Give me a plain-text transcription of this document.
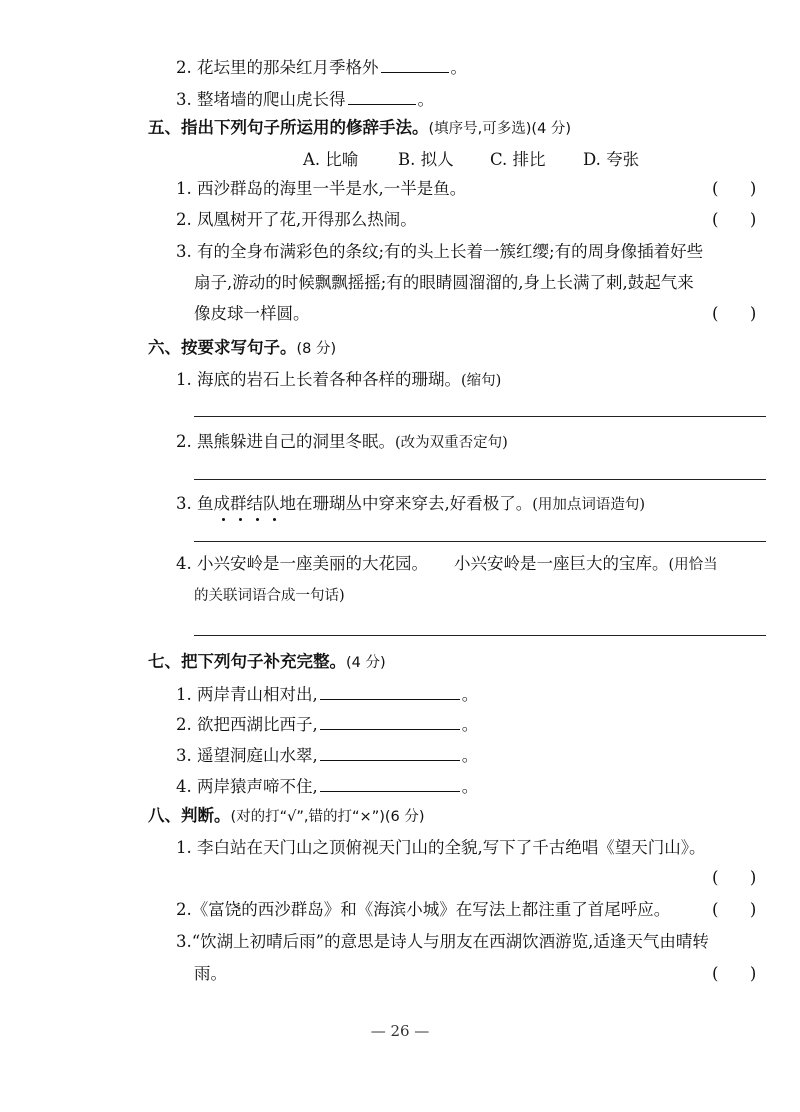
2. 花坛里的那朵红月季格外	。
3. 整堵墙的爬山虎长得	。
五、指出下列句子所运用的修辞手法。(填序号,可多选)(4 分)
A. 比喻 B. 拟人 C. 排比 D. 夸张
1. 西沙群岛的海里一半是水,一半是鱼。	(      )
2. 凤凰树开了花,开得那么热闹。	(      )
3. 有的全身布满彩色的条纹;有的头上长着一簇红缨;有的周身像插着好些
扇子,游动的时候飘飘摇摇;有的眼睛圆溜溜的,身上长满了刺,鼓起气来
像皮球一样圆。	(      )
六、按要求写句子。(8 分)
1. 海底的岩石上长着各种各样的珊瑚。(缩句)
2. 黑熊躲进自己的洞里冬眠。(改为双重否定句)
3. 鱼成群结队地在珊瑚丛中穿来穿去,好看极了。(用加点词语造句)
4. 小兴安岭是一座美丽的大花园。 小兴安岭是一座巨大的宝库。(用恰当
的关联词语合成一句话)
七、把下列句子补充完整。(4 分)
1. 两岸青山相对出,	。
2. 欲把西湖比西子,	。
3. 遥望洞庭山水翠,	。
4. 两岸猿声啼不住,	。
八、判断。(对的打“√”,错的打“×”)(6 分)
1. 李白站在天门山之顶俯视天门山的全貌,写下了千古绝唱《望天门山》。
(      )
2.《富饶的西沙群岛》和《海滨小城》在写法上都注重了首尾呼应。	(      )
3.“饮湖上初晴后雨”的意思是诗人与朋友在西湖饮酒游览,适逢天气由晴转
雨。	(      )
— 26 —
